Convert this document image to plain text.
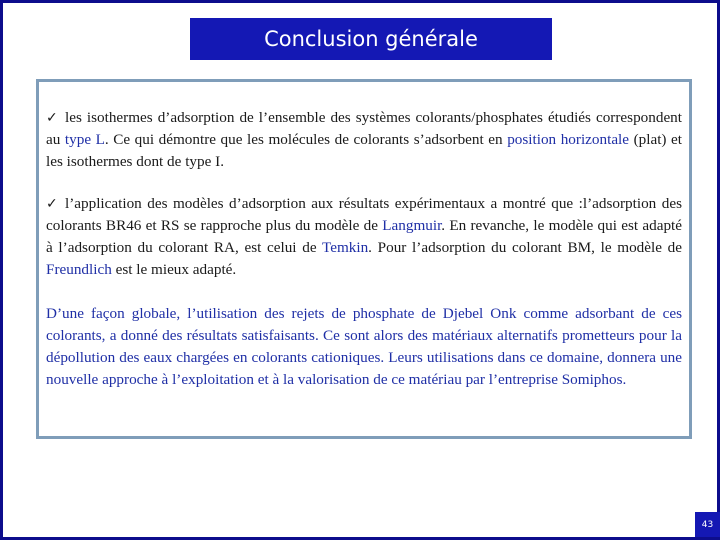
Conclusion générale

✓ les isothermes d’adsorption de l’ensemble des systèmes colorants/phosphates étudiés correspondent au type L. Ce qui démontre que les molécules de colorants s’adsorbent en position horizontale (plat) et les isothermes dont de type I.

✓ l’application des modèles d’adsorption aux résultats expérimentaux a montré que :l’adsorption des colorants BR46 et RS se rapproche plus du modèle de Langmuir. En revanche, le modèle qui est adapté à l’adsorption du colorant RA, est celui de Temkin. Pour l’adsorption du colorant BM, le modèle de Freundlich est le mieux adapté.

D’une façon globale, l’utilisation des rejets de phosphate de Djebel Onk comme adsorbant de ces colorants, a donné des résultats satisfaisants. Ce sont alors des matériaux alternatifs prometteurs pour la dépollution des eaux chargées en colorants cationiques. Leurs utilisations dans ce domaine, donnera une nouvelle approche à l’exploitation et à la valorisation de ce matériau par l’entreprise Somiphos.

43
